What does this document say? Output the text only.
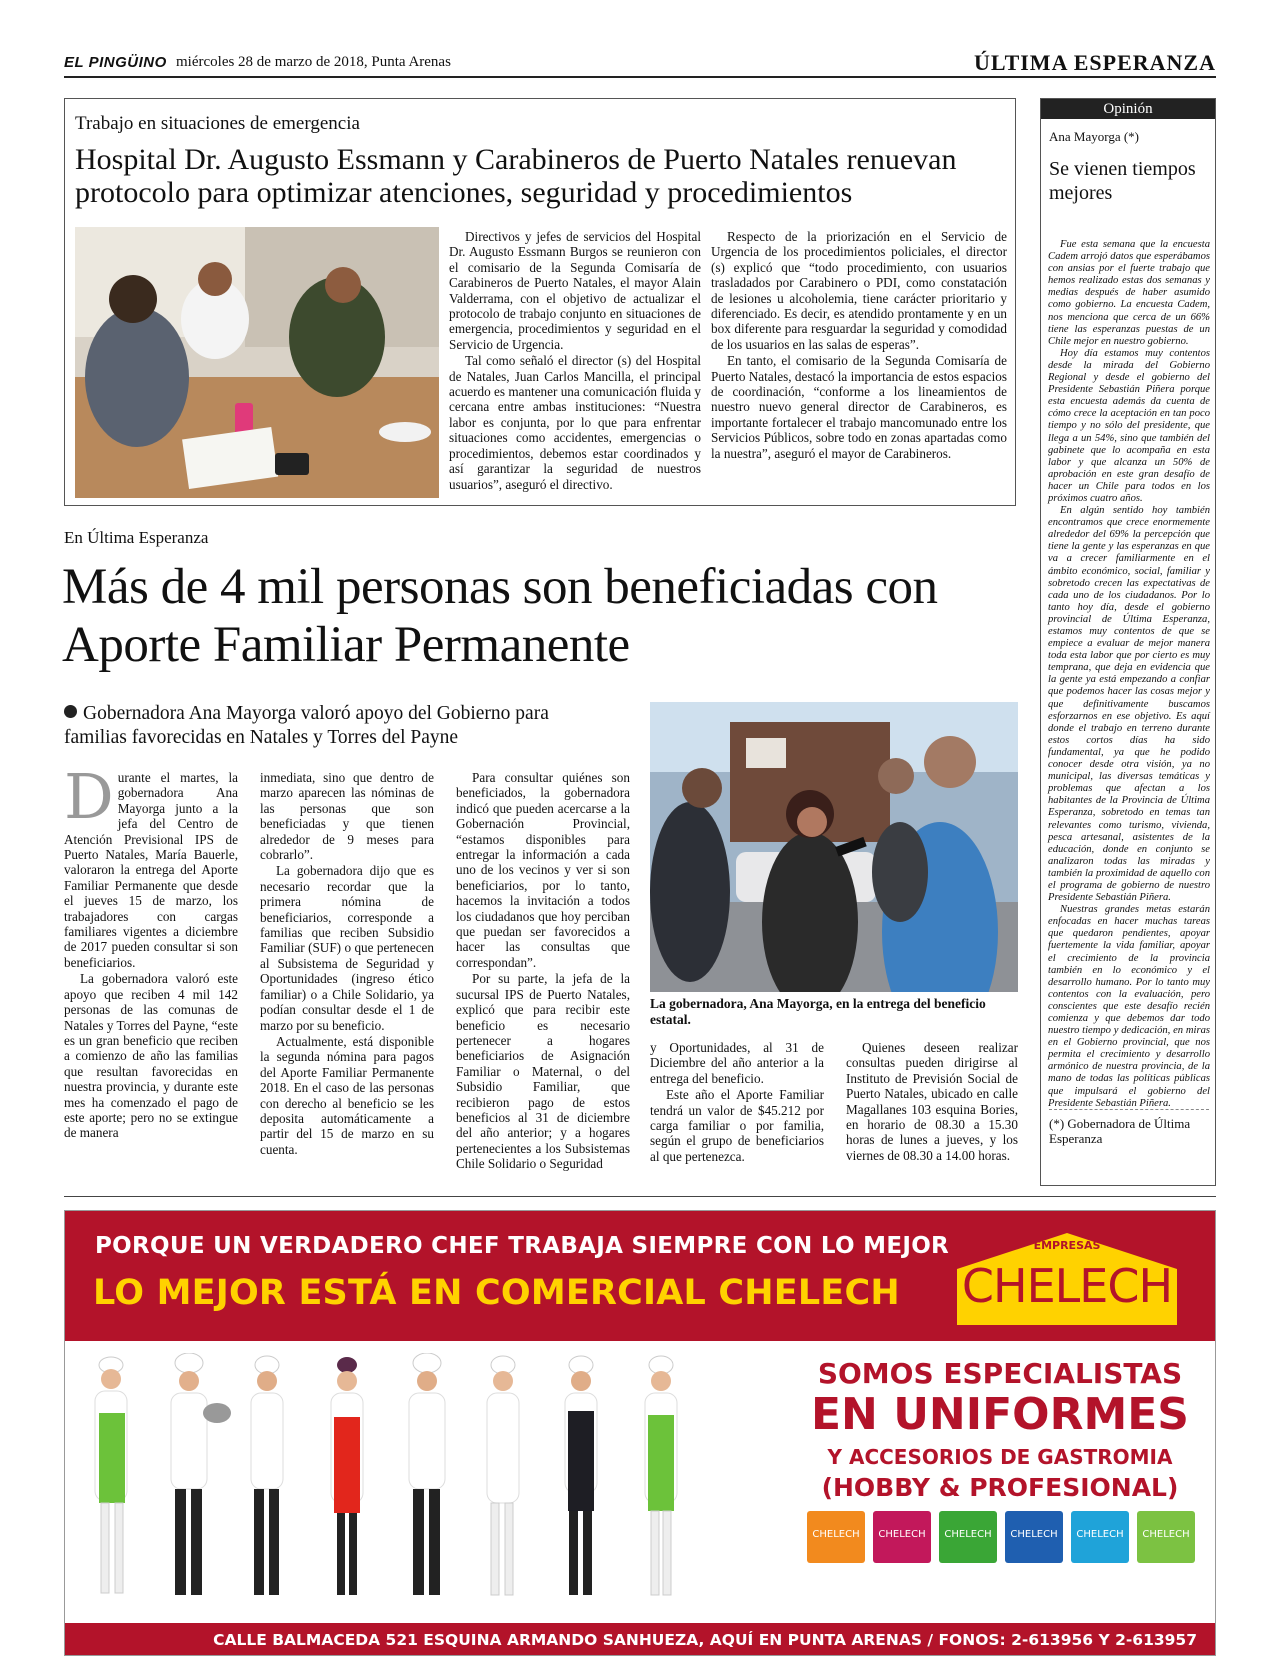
EL PINGÜINO miércoles 28 de marzo de 2018, Punta Arenas	ÚLTIMA ESPERANZA
Trabajo en situaciones de emergencia
Hospital Dr. Augusto Essmann y Carabineros de Puerto Natales renuevan protocolo para optimizar atenciones, seguridad y procedimientos

Directivos y jefes de servicios del Hospital Dr. Augusto Essmann Burgos se reunieron con el comisario de la Segunda Comisaría de Carabineros de Puerto Natales, el mayor Alain Valderrama, con el objetivo de actualizar el protocolo de trabajo conjunto en situaciones de emergencia, procedimientos y seguridad en el Servicio de Urgencia.

Tal como señaló el director (s) del Hospital de Natales, Juan Carlos Mancilla, el principal acuerdo es mantener una comunicación fluida y cercana entre ambas instituciones: “Nuestra labor es conjunta, por lo que para enfrentar situaciones como accidentes, emergencias o procedimientos, debemos estar coordinados y así garantizar la seguridad de nuestros usuarios”, aseguró el directivo.

Respecto de la priorización en el Servicio de Urgencia de los procedimientos policiales, el director (s) explicó que “todo procedimiento, con usuarios trasladados por Carabinero o PDI, como constatación de lesiones u alcoholemia, tiene carácter prioritario y diferenciado. Es decir, es atendido prontamente y en un box diferente para resguardar la seguridad y comodidad de los usuarios en las salas de esperas”.

En tanto, el comisario de la Segunda Comisaría de Puerto Natales, destacó la importancia de estos espacios de coordinación, “conforme a los lineamientos de nuestro nuevo general director de Carabineros, es importante fortalecer el trabajo mancomunado entre los Servicios Públicos, sobre todo en zonas apartadas como la nuestra”, aseguró el mayor de Carabineros.

Opinión
Ana Mayorga (*)
Se vienen tiempos mejores

Fue esta semana que la encuesta Cadem arrojó datos que esperábamos con ansias por el fuerte trabajo que hemos realizado estas dos semanas y medias después de haber asumido como gobierno. La encuesta Cadem, nos menciona que cerca de un 66% tiene las esperanzas puestas de un Chile mejor en nuestro gobierno.

Hoy día estamos muy contentos desde la mirada del Gobierno Regional y desde el gobierno del Presidente Sebastián Piñera porque esta encuesta además da cuenta de cómo crece la aceptación en tan poco tiempo y no sólo del presidente, que llega a un 54%, sino que también del gabinete que lo acompaña en esta labor y que alcanza un 50% de aprobación en este gran desafío de hacer un Chile para todos en los próximos cuatro años.

En algún sentido hoy también encontramos que crece enormemente alrededor del 69% la percepción que tiene la gente y las esperanzas en que va a crecer familiarmente en el ámbito económico, social, familiar y sobretodo crecen las expectativas de cada uno de los ciudadanos. Por lo tanto hoy día, desde el gobierno provincial de Última Esperanza, estamos muy contentos de que se empiece a evaluar de mejor manera toda esta labor que por cierto es muy temprana, que deja en evidencia que la gente ya está empezando a confiar que podemos hacer las cosas mejor y que definitivamente buscamos esforzarnos en ese objetivo. Es aquí donde el trabajo en terreno durante estos cortos días ha sido fundamental, ya que he podido conocer desde otra visión, ya no municipal, las diversas temáticas y problemas que afectan a los habitantes de la Provincia de Última Esperanza, sobretodo en temas tan relevantes como turismo, vivienda, pesca artesanal, asistentes de la educación, donde en conjunto se analizaron todas las miradas y también la proximidad de aquello con el programa de gobierno de nuestro Presidente Sebastián Piñera.

Nuestras grandes metas estarán enfocadas en hacer muchas tareas que quedaron pendientes, apoyar fuertemente la vida familiar, apoyar el crecimiento de la provincia también en lo económico y el desarrollo humano. Por lo tanto muy contentos con la evaluación, pero conscientes que este desafío recién comienza y que debemos dar todo nuestro tiempo y dedicación, en miras en el Gobierno provincial, que nos permita el crecimiento y desarrollo armónico de nuestra provincia, de la mano de todas las políticas públicas que impulsará el gobierno del Presidente Sebastián Piñera.

(*) Gobernadora de Última Esperanza
En Última Esperanza
Más de 4 mil personas son beneficiadas con Aporte Familiar Permanente
Gobernadora Ana Mayorga valoró apoyo del Gobierno para familias favorecidas en Natales y Torres del Payne
La gobernadora, Ana Mayorga, en la entrega del beneficio estatal.

Durante el martes, la gobernadora Ana Mayorga junto a la jefa del Centro de Atención Previsional IPS de Puerto Natales, María Bauerle, valoraron la entrega del Aporte Familiar Permanente que desde el jueves 15 de marzo, los trabajadores con cargas familiares vigentes a diciembre de 2017 pueden consultar si son beneficiarios.

La gobernadora valoró este apoyo que reciben 4 mil 142 personas de las comunas de Natales y Torres del Payne, “este es un gran beneficio que reciben a comienzo de año las familias que resultan favorecidas en nuestra provincia, y durante este mes ha comenzado el pago de este aporte; pero no se extingue de manera

inmediata, sino que dentro de marzo aparecen las nóminas de las personas que son beneficiadas y que tienen alrededor de 9 meses para cobrarlo”.

La gobernadora dijo que es necesario recordar que la primera nómina de beneficiarios, corresponde a familias que reciben Subsidio Familiar (SUF) o que pertenecen al Subsistema de Seguridad y Oportunidades (ingreso ético familiar) o a Chile Solidario, ya podían consultar desde el 1 de marzo por su beneficio.

Actualmente, está disponible la segunda nómina para pagos del Aporte Familiar Permanente 2018. En el caso de las personas con derecho al beneficio se les deposita automáticamente a partir del 15 de marzo en su cuenta.

Para consultar quiénes son beneficiados, la gobernadora indicó que pueden acercarse a la Gobernación Provincial, “estamos disponibles para entregar la información a cada uno de los vecinos y ver si son beneficiarios, por lo tanto, hacemos la invitación a todos los ciudadanos que hoy perciban que puedan ser favorecidos a hacer las consultas que correspondan”.

Por su parte, la jefa de la sucursal IPS de Puerto Natales, explicó que para recibir este beneficio es necesario pertenecer a hogares beneficiarios de Asignación Familiar o Maternal, o del Subsidio Familiar, que recibieron pago de estos beneficios al 31 de diciembre del año anterior; y a hogares pertenecientes a los Subsistemas Chile Solidario o Seguridad

y Oportunidades, al 31 de Diciembre del año anterior a la entrega del beneficio.

Este año el Aporte Familiar tendrá un valor de $45.212 por carga familiar o por familia, según el grupo de beneficiarios al que pertenezca.

Quienes deseen realizar consultas pueden dirigirse al Instituto de Previsión Social de Puerto Natales, ubicado en calle Magallanes 103 esquina Bories, en horario de 08.30 a 15.30 horas de lunes a jueves, y los viernes de 08.30 a 14.00 horas.

PORQUE UN VERDADERO CHEF TRABAJA SIEMPRE CON LO MEJOR
LO MEJOR ESTÁ EN COMERCIAL CHELECH
EMPRESAS
CHELECH
SOMOS ESPECIALISTAS
EN UNIFORMES
Y ACCESORIOS DE GASTROMIA
(HOBBY & PROFESIONAL)
CHELECH	CHELECH	CHELECH	CHELECH	CHELECH	CHELECH
CALLE BALMACEDA 521 ESQUINA ARMANDO SANHUEZA, AQUÍ EN PUNTA ARENAS / FONOS: 2-613956 Y 2-613957
